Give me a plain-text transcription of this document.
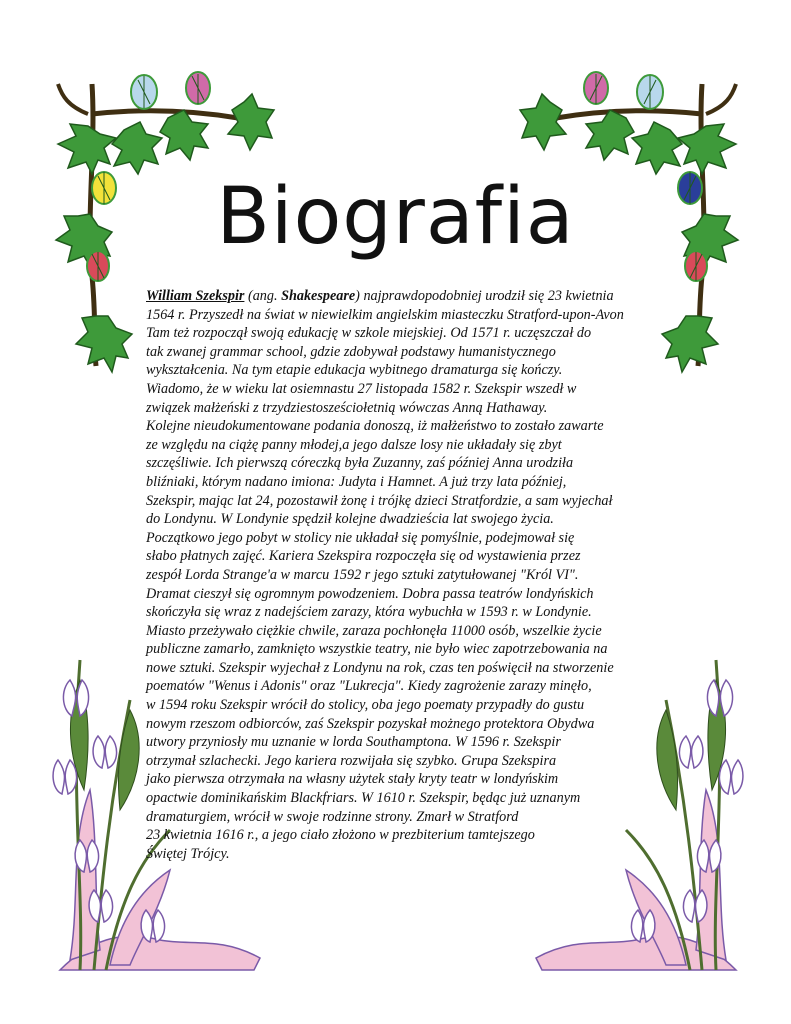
Biografia
William Szekspir (ang. Shakespeare) najprawdopodobniej urodził się 23 kwietnia
1564 r. Przyszedł na świat w niewielkim angielskim miasteczku Stratford-upon-Avon
Tam też rozpoczął swoją edukację w szkole miejskiej. Od 1571 r. uczęszczał do
tak zwanej grammar school, gdzie zdobywał podstawy humanistycznego
wykształcenia. Na tym etapie edukacja wybitnego dramaturga się kończy.
Wiadomo, że w wieku lat osiemnastu 27 listopada 1582 r. Szekspir wszedł w
związek małżeński z trzydziestosześciołetnią wówczas Anną Hathaway.
Kolejne nieudokumentowane podania donoszą, iż małżeństwo to zostało zawarte
ze względu na ciążę panny młodej,a jego dalsze losy nie układały się zbyt
szczęśliwie. Ich pierwszą córeczką była Zuzanny, zaś później Anna urodziła
bliźniaki, którym nadano imiona: Judyta i Hamnet. A już trzy lata później,
Szekspir, mając lat 24, pozostawił żonę i trójkę dzieci Stratfordzie, a sam wyjechał
do Londynu. W Londynie spędził kolejne dwadzieścia lat swojego życia.
Początkowo jego pobyt w stolicy nie układał się pomyślnie, podejmował się
słabo płatnych zajęć. Kariera Szekspira rozpoczęła się od wystawienia przez
zespół Lorda Strange'a w marcu 1592 r jego sztuki zatytułowanej "Król VI".
Dramat cieszył się ogromnym powodzeniem. Dobra passa teatrów londyńskich
skończyła się wraz z nadejściem zarazy, która wybuchła w 1593 r. w Londynie.
Miasto przeżywało ciężkie chwile, zaraza pochłonęła 11000 osób, wszelkie życie
publiczne zamarło, zamknięto wszystkie teatry, nie było wiec zapotrzebowania na
nowe sztuki. Szekspir wyjechał z Londynu na rok, czas ten poświęcił na stworzenie
poematów "Wenus i Adonis" oraz "Lukrecja". Kiedy zagrożenie zarazy minęło,
w 1594 roku Szekspir wrócił do stolicy, oba jego poematy przypadły do gustu
nowym rzeszom odbiorców, zaś Szekspir pozyskał możnego protektora Obydwa
utwory przyniosły mu uznanie w lorda Southamptona. W 1596 r. Szekspir
otrzymał szlachecki. Jego kariera rozwijała się szybko. Grupa Szekspira
jako pierwsza otrzymała na własny użytek stały kryty teatr w londyńskim
opactwie dominikańskim Blackfriars. W 1610 r. Szekspir, będąc już uznanym
dramaturgiem, wrócił w swoje rodzinne strony. Zmarł w Stratford
23 kwietnia 1616 r., a jego ciało złożono w prezbiterium tamtejszego
Świętej Trójcy.
